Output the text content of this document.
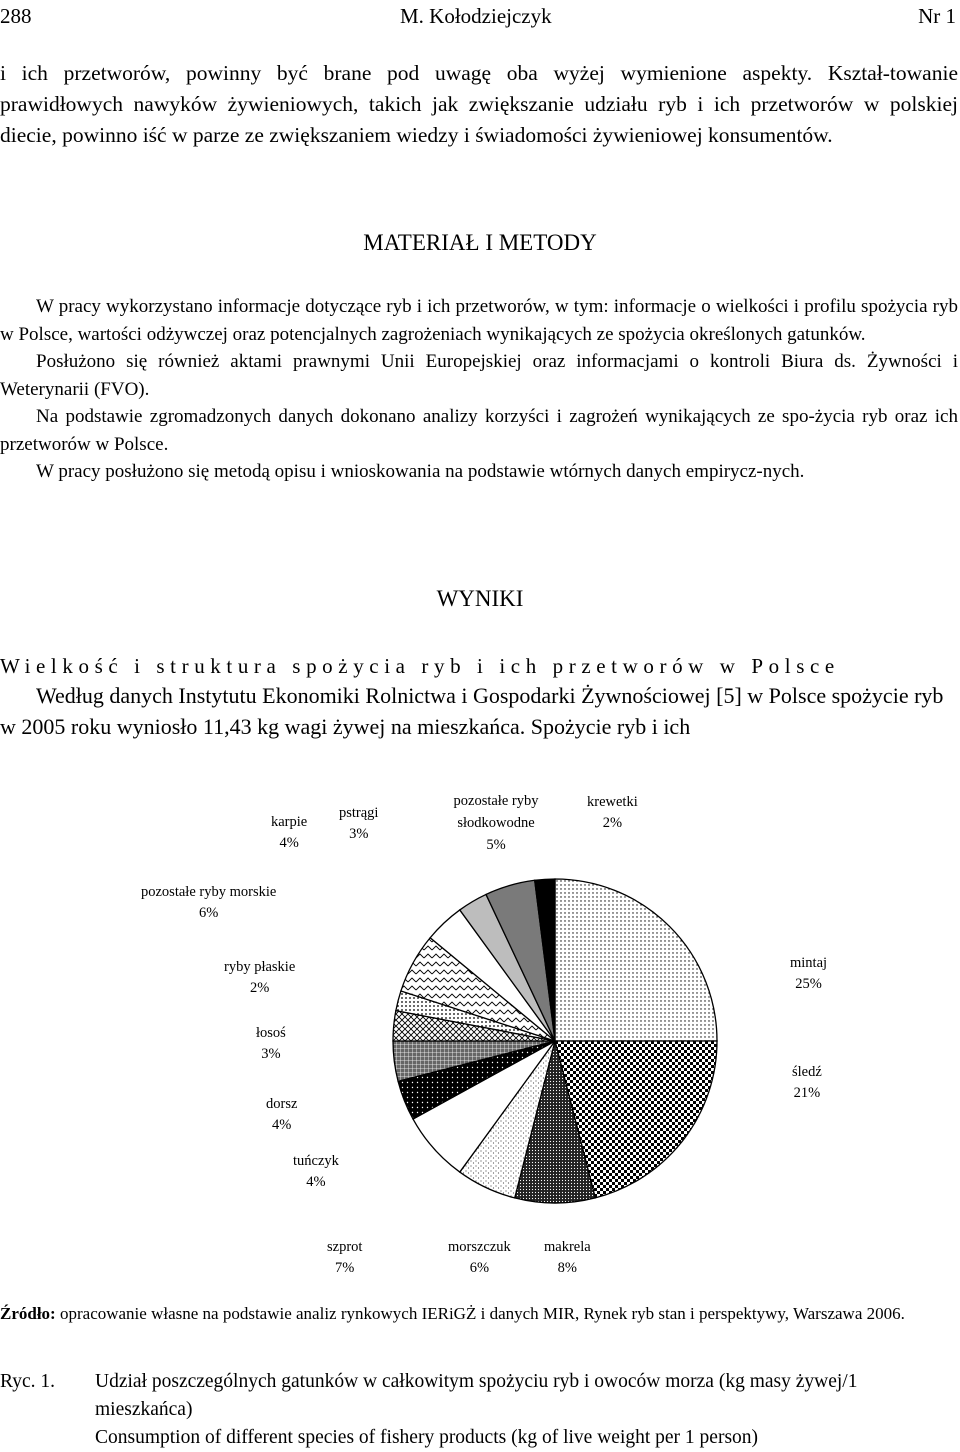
288	M. Kołodziejczyk	Nr 1

i ich przetworów, powinny być brane pod uwagę oba wyżej wymienione aspekty. Kształ-towanie prawidłowych nawyków żywieniowych, takich jak zwiększanie udziału ryb i ich przetworów w polskiej diecie, powinno iść w parze ze zwiększaniem wiedzy i świadomości żywieniowej konsumentów.

MATERIAŁ I METODY

W pracy wykorzystano informacje dotyczące ryb i ich przetworów, w tym: informacje o wielkości i profilu spożycia ryb w Polsce, wartości odżywczej oraz potencjalnych zagrożeniach wynikających ze spożycia określonych gatunków.

Posłużono się również aktami prawnymi Unii Europejskiej oraz informacjami o kontroli Biura ds. Żywności i Weterynarii (FVO).

Na podstawie zgromadzonych danych dokonano analizy korzyści i zagrożeń wynikających ze spo-życia ryb oraz ich przetworów w Polsce.

W pracy posłużono się metodą opisu i wnioskowania na podstawie wtórnych danych empirycz-nych.

WYNIKI
Wielkość i struktura spożycia ryb i ich przetworów w Polsce

Według danych Instytutu Ekonomiki Rolnictwa i Gospodarki Żywnościowej [5] w Polsce spożycie ryb w 2005 roku wyniosło 11,43 kg wagi żywej na mieszkańca. Spożycie ryb i ich

mintaj
25%
śledź
21%
makrela
8%
morszczuk
6%
szprot
7%
tuńczyk
4%
dorsz
4%
łosoś
3%
ryby płaskie
2%
pozostałe ryby morskie
6%
karpie
4%
pstrągi
3%
pozostałe ryby słodkowodne
5%
krewetki
2%
Źródło: opracowanie własne na podstawie analiz rynkowych IERiGŻ i danych MIR, Rynek ryb stan i perspektywy, Warszawa 2006.
Ryc. 1. Udział poszczególnych gatunków w całkowitym spożyciu ryb i owoców morza (kg masy żywej/1 mieszkańca)

Consumption of different species of fishery products (kg of live weight per 1 person)
